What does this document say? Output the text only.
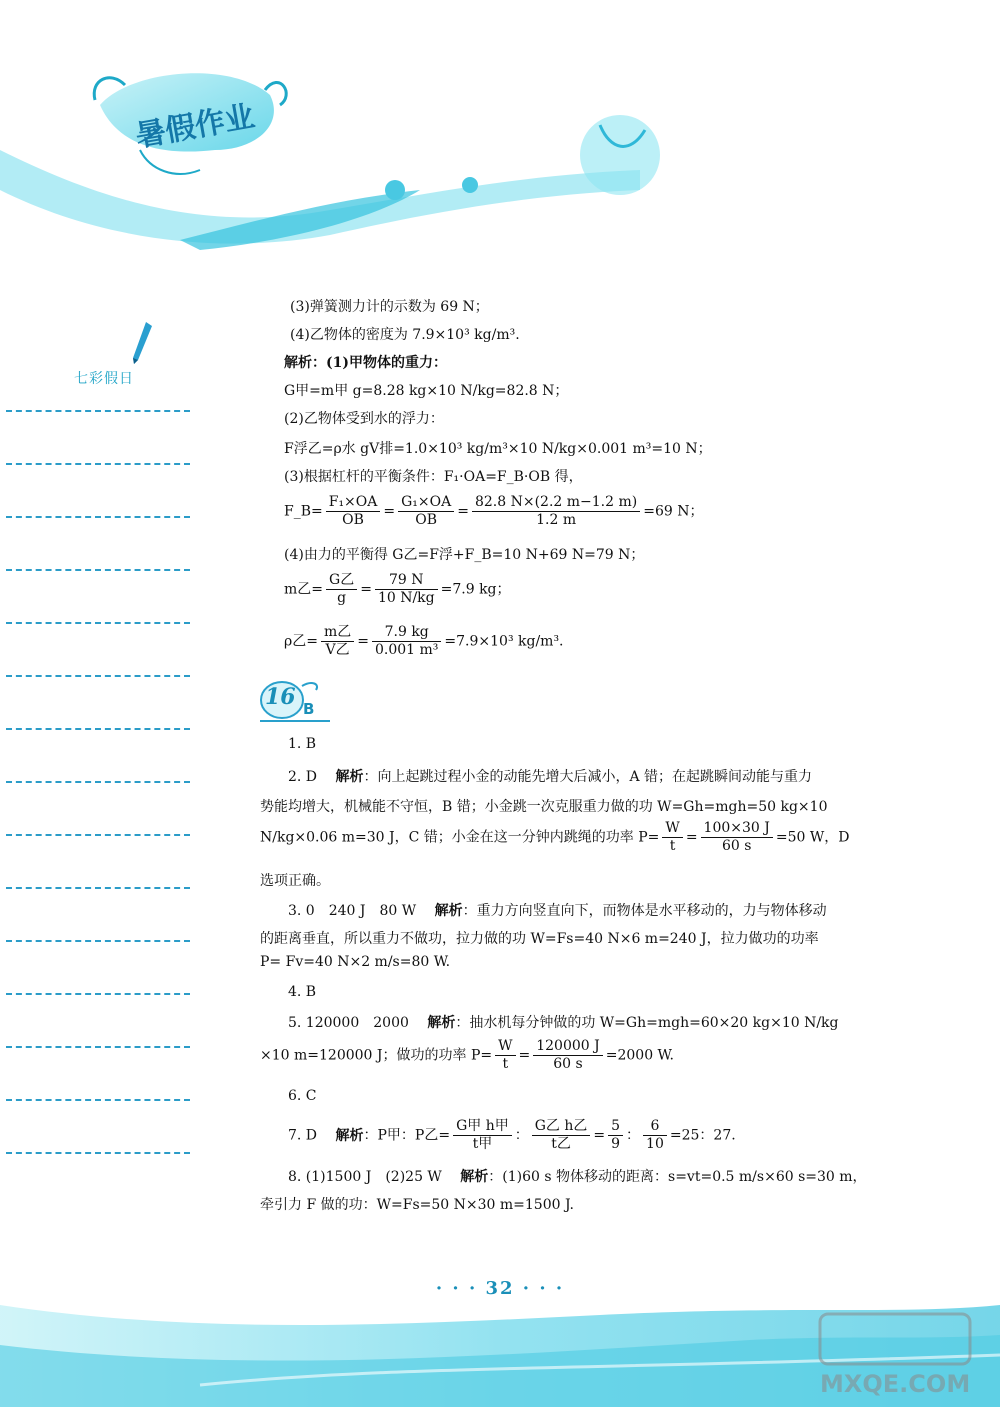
暑假作业
七彩假日
(3)弹簧测力计的示数为 69 N；
(4)乙物体的密度为 7.9×10³ kg/m³.
解析：(1)甲物体的重力：
G甲=m甲 g=8.28 kg×10 N/kg=82.8 N；
(2)乙物体受到水的浮力：
F浮乙=ρ水 gV排=1.0×10³ kg/m³×10 N/kg×0.001 m³=10 N；
(3)根据杠杆的平衡条件：F₁·OA=F_B·OB 得，
F_B= $\frac{\text{F₁×OA}}{OB} = \frac{\text{G₁×OA}}{OB} = \frac{82.8 N\times(2.2 m-1.2 m)}{1.2 m} =69$ N；
(4)由力的平衡得 G乙=F浮+F_B=10 N+69 N=79 N；
m乙= $\frac{\text{G乙}}{g} = \frac{79 N}{10 N/kg} =7.9$ kg；
ρ乙= $\frac{\text{m乙}}{\text{V乙}} = \frac{7.9 kg}{\text{0.001 m³}} =7.9\times 10^3$ kg/m³.
16 B
1. B
2. D 解析：向上起跳过程小金的动能先增大后减小，A 错；在起跳瞬间动能与重力
势能均增大，机械能不守恒，B 错；小金跳一次克服重力做的功 W=Gh=mgh=50 kg×10
N/kg×0.06 m=30 J，C 错；小金在这一分钟内跳绳的功率 $P= \frac{W}{t} = \frac{100\times 30 J}{60 s} =50$ W，D
选项正确。
3. 0　240 J　80 W 解析：重力方向竖直向下，而物体是水平移动的，力与物体移动
的距离垂直，所以重力不做功，拉力做的功 W=Fs=40 N×6 m=240 J，拉力做功的功率
P= Fv=40 N×2 m/s=80 W.
4. B
5. 120000　2000 解析：抽水机每分钟做的功 W=Gh=mgh=60×20 kg×10 N/kg
×10 m=120000 J；做功的功率 $P= \frac{W}{t} = \frac{120000 J}{60 s} =2000$ W.
6. C
7. D 解析：P甲：P乙= $\frac{\text{G甲 h甲}}{\text{t甲}}$ ： $\frac{\text{G乙 h乙}}{\text{t乙}} = \frac{5}{9}$ ： $\frac{6}{10} =25$：27.
8. (1)1500 J　(2)25 W 解析：(1)60 s 物体移动的距离：s=vt=0.5 m/s×60 s=30 m，
牵引力 F 做的功：W=Fs=50 N×30 m=1500 J.
· · · 32 · · ·
MXQE.COM
